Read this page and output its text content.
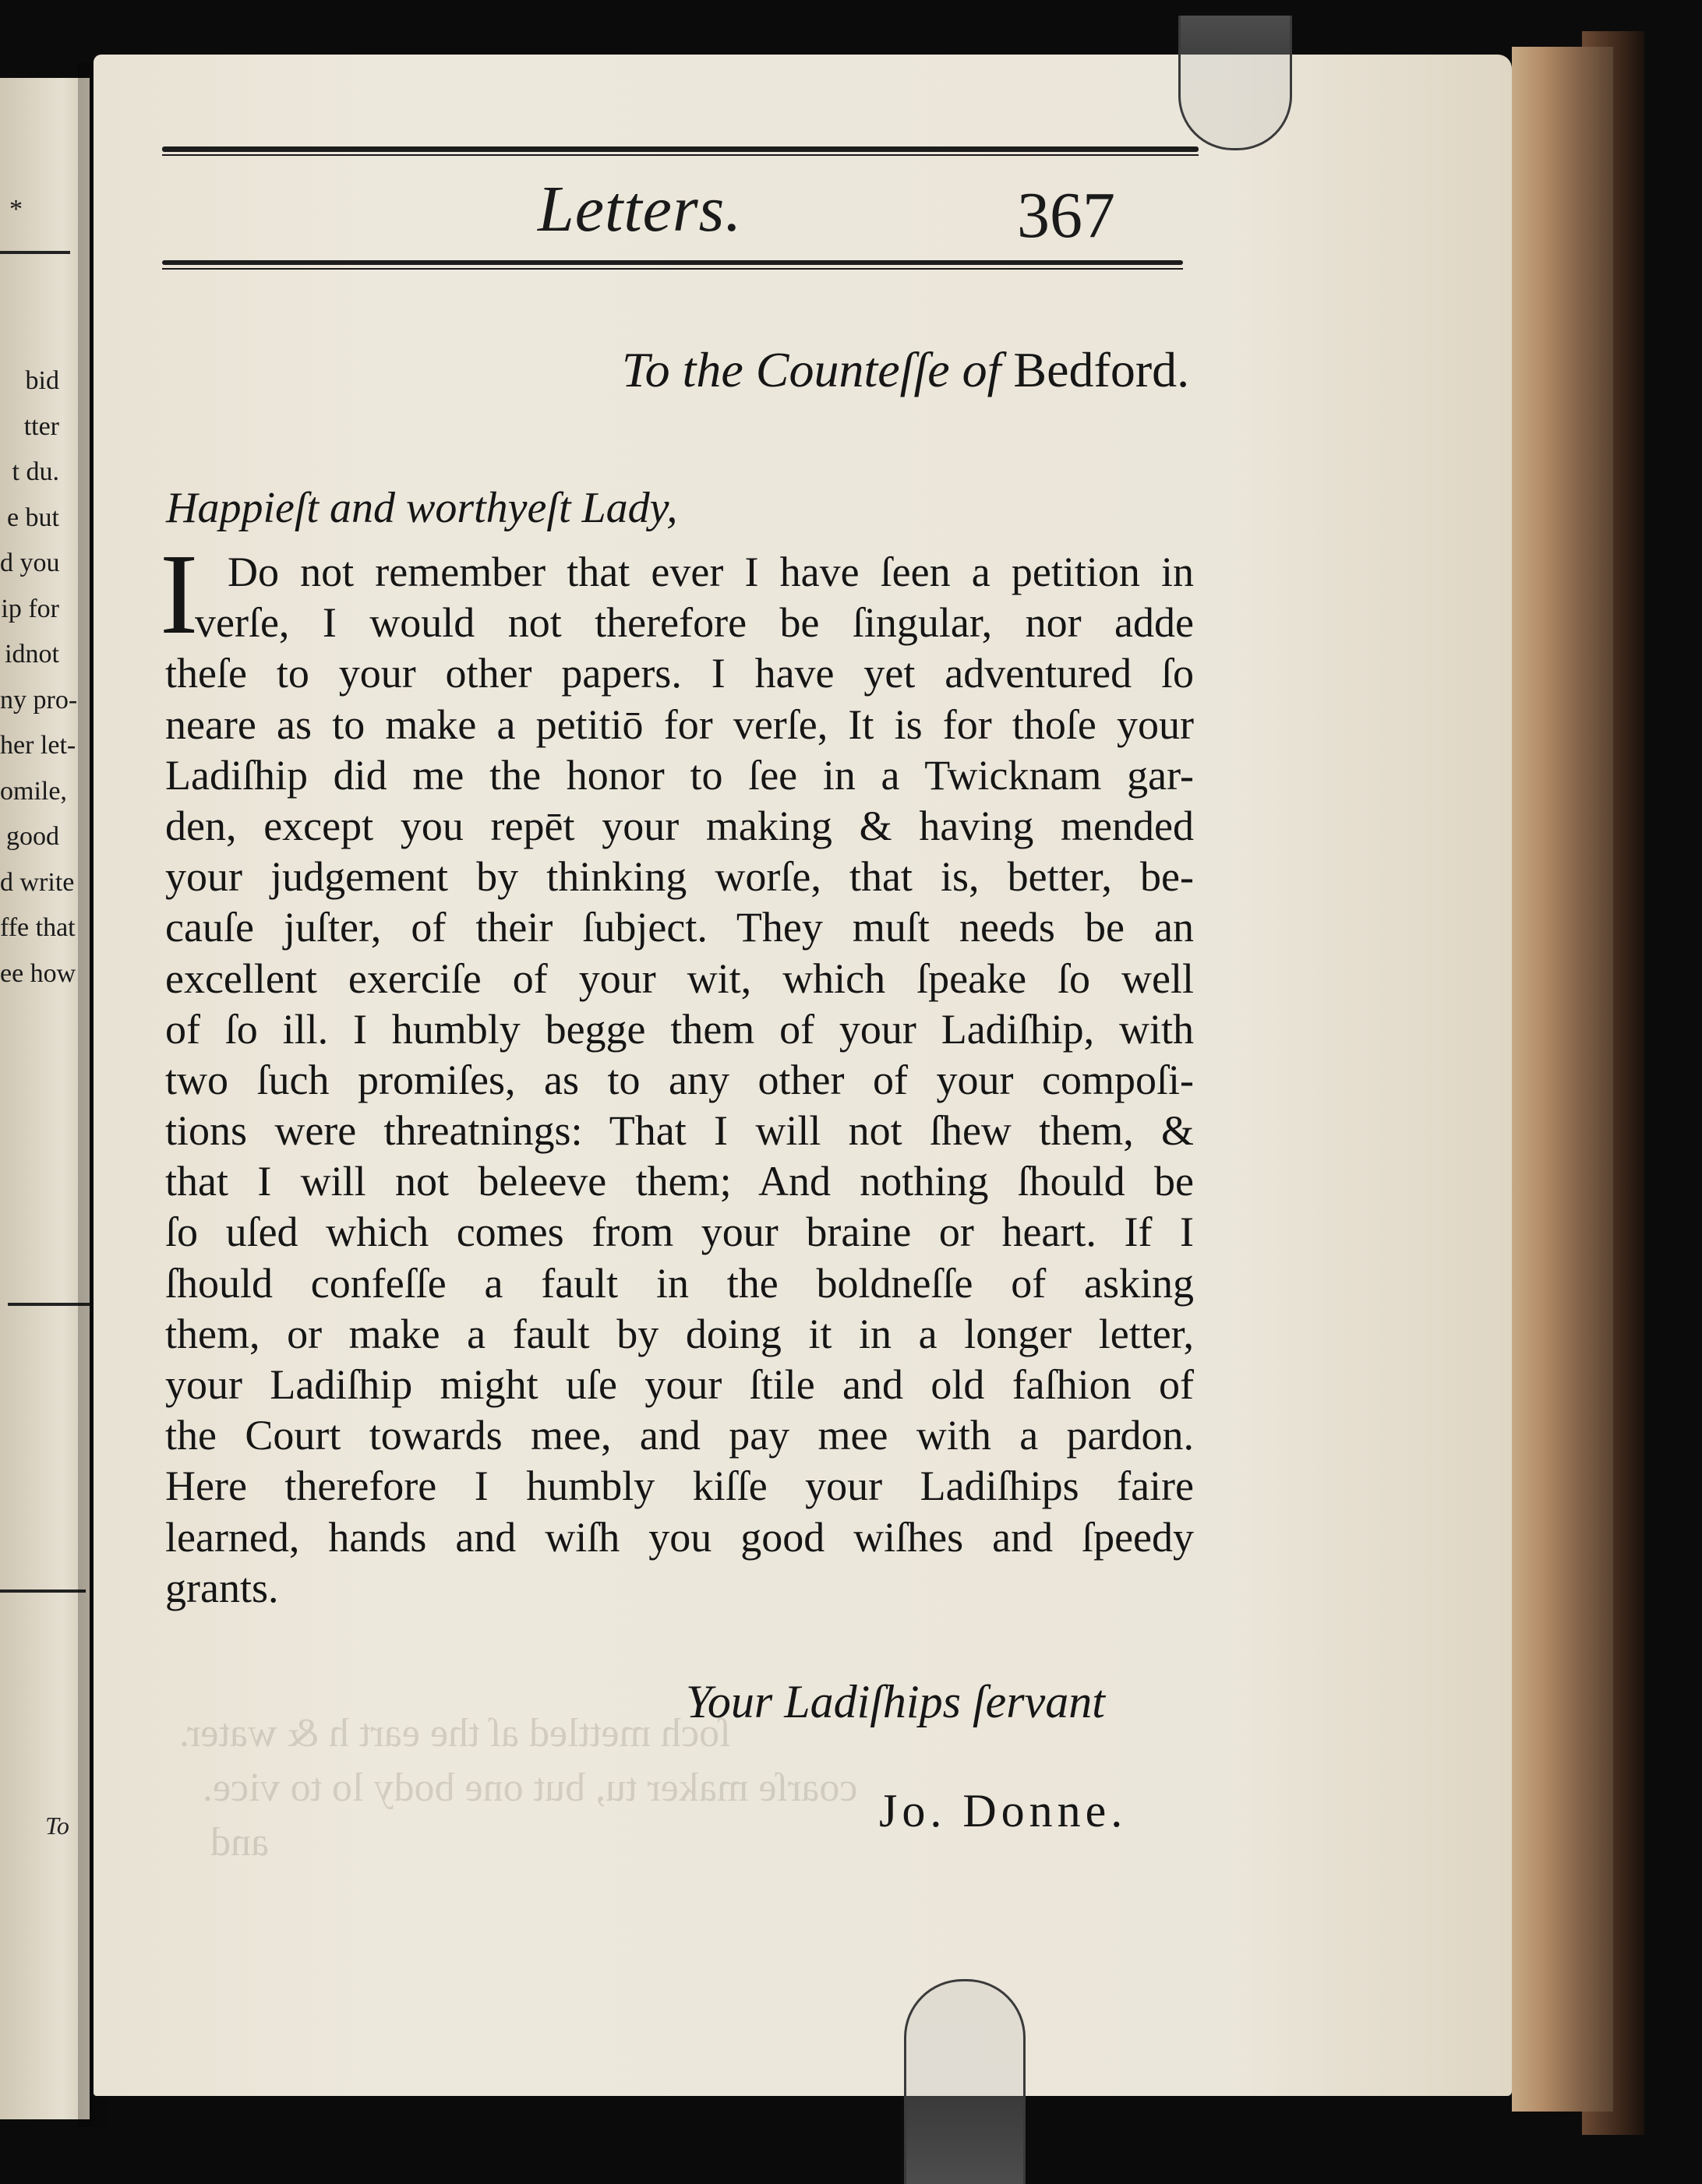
*
bid
tter
t du.
e but
d you
ip for
idnot
ny pro-
her let-
omile,
good
d write
ffe that
ee how
To
Letters.	367
To the Counteſſe of Bedford.
Happieſt and worthyeſt Lady,
I Do not remember that ever I have ſeen a petition in
verſe, I would not therefore be ſingular, nor adde
theſe to your other papers. I have yet adventured ſo
neare as to make a petitiō for verſe, It is for thoſe your
Ladiſhip did me the honor to ſee in a Twicknam gar-
den, except you repēt your making & having mended
your judgement by thinking worſe, that is, better, be-
cauſe juſter, of their ſubject. They muſt needs be an
excellent exerciſe of your wit, which ſpeake ſo well
of ſo ill. I humbly begge them of your Ladiſhip, with
two ſuch promiſes, as to any other of your compoſi-
tions were threatnings: That I will not ſhew them, &
that I will not beleeve them; And nothing ſhould be
ſo uſed which comes from your braine or heart. If I
ſhould confeſſe a fault in the boldneſſe of asking
them, or make a fault by doing it in a longer letter,
your Ladiſhip might uſe your ſtile and old faſhion of
the Court towards mee, and pay mee with a pardon.
Here therefore I humbly kiſſe your Ladiſhips faire
learned, hands and wiſh you good wiſhes and ſpeedy
grants.
Your Ladiſhips ſervant
Jo. Donne.
